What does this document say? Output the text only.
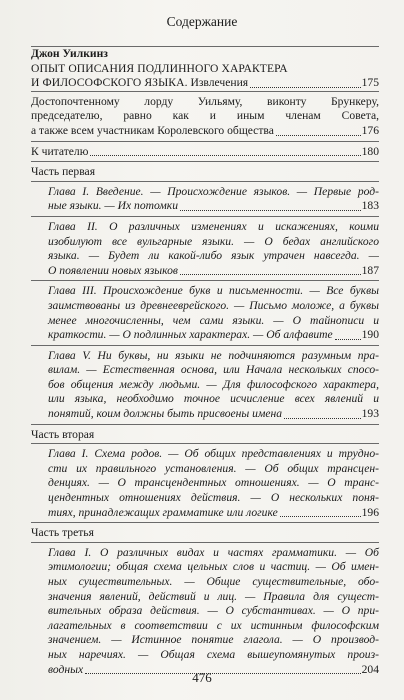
Содержание
Джон Уилкинз
ОПЫТ ОПИСАНИЯ ПОДЛИННОГО ХАРАКТЕРА
И ФИЛОСОФСКОГО ЯЗЫКА. Извлечения	175
Достопочтенному лорду Уильяму, виконту Брункеру,
председателю, равно как и иным членам Совета,
а также всем участникам Королевского общества	176
К читателю	180
Часть первая
Глава I. Введение. — Происхождение языков. — Первые род-
ные языки. — Их потомки	183
Глава II. О различных изменениях и искажениях, коими
изобилуют все вульгарные языки. — О бедах английского
языка. — Будет ли какой-либо язык утрачен навсегда. —
О появлении новых языков	187
Глава III. Происхождение букв и письменности. — Все буквы
заимствованы из древнееврейского. — Письмо моложе, а буквы
менее многочисленны, чем сами языки. — О тайнописи и
краткости. — О подлинных характерах. — Об алфавите 190
Глава V. Ни буквы, ни языки не подчиняются разумным пра-
вилам. — Естественная основа, или Начала нескольких спосо-
бов общения между людьми. — Для философского характера,
или языка, необходимо точное исчисление всех явлений и
понятий, коим должны быть присвоены имена	193
Часть вторая
Глава I. Схема родов. — Об общих представлениях и трудно-
сти их правильного установления. — Об общих трансцен-
денциях. — О трансцендентных отношениях. — О транс-
цендентных отношениях действия. — О нескольких поня-
тиях, принадлежащих грамматике или логике	196
Часть третья
Глава I. О различных видах и частях грамматики. — Об
этимологии; общая схема цельных слов и частиц. — Об имен-
ных существительных. — Общие существительные, обо-
значения явлений, действий и лиц. — Правила для сущест-
вительных образа действия. — О субстантивах. — О при-
лагательных в соответствии с их истинным философским
значением. — Истинное понятие глагола. — О производ-
ных наречиях. — Общая схема вышеупомянутых произ-
водных	204
476
